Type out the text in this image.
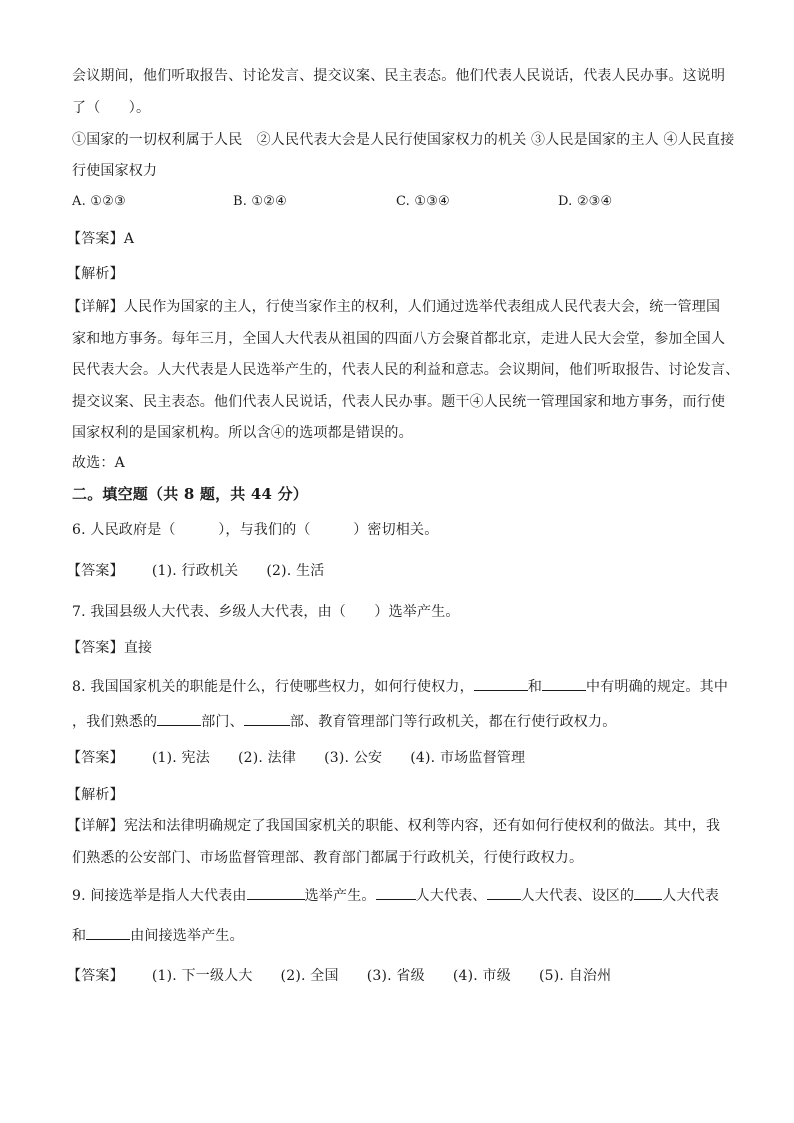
会议期间，他们听取报告、讨论发言、提交议案、民主表态。他们代表人民说话，代表人民办事。这说明
了（　　）。
①国家的一切权利属于人民　②人民代表大会是人民行使国家权力的机关 ③人民是国家的主人 ④人民直接
行使国家权力
A. ①②③	B. ①②④	C. ①③④	D. ②③④
【答案】A
【解析】
【详解】人民作为国家的主人，行使当家作主的权利，人们通过选举代表组成人民代表大会，统一管理国
家和地方事务。每年三月，全国人大代表从祖国的四面八方会聚首都北京，走进人民大会堂，参加全国人
民代表大会。人大代表是人民选举产生的，代表人民的利益和意志。会议期间，他们听取报告、讨论发言、
提交议案、民主表态。他们代表人民说话，代表人民办事。题干④人民统一管理国家和地方事务，而行使
国家权利的是国家机构。所以含④的选项都是错误的。
故选：A
二。填空题（共 8 题，共 44 分）
6. 人民政府是（　　　），与我们的（　　　）密切相关。
【答案】 (1). 行政机关 (2). 生活
7. 我国县级人大代表、乡级人大代表，由（　　）选举产生。
【答案】直接
8. 我国国家机关的职能是什么，行使哪些权力，如何行使权力，	和	中有明确的规定。其中
，我们熟悉的	部门、	部、教育管理部门等行政机关，都在行使行政权力。
【答案】 (1). 宪法 (2). 法律 (3). 公安 (4). 市场监督管理
【解析】
【详解】宪法和法律明确规定了我国国家机关的职能、权利等内容，还有如何行使权利的做法。其中，我
们熟悉的公安部门、市场监督管理部、教育部门都属于行政机关，行使行政权力。
9. 间接选举是指人大代表由	选举产生。	人大代表、 人大代表、设区的 人大代表
和	由间接选举产生。
【答案】 (1). 下一级人大 (2). 全国 (3). 省级 (4). 市级 (5). 自治州
